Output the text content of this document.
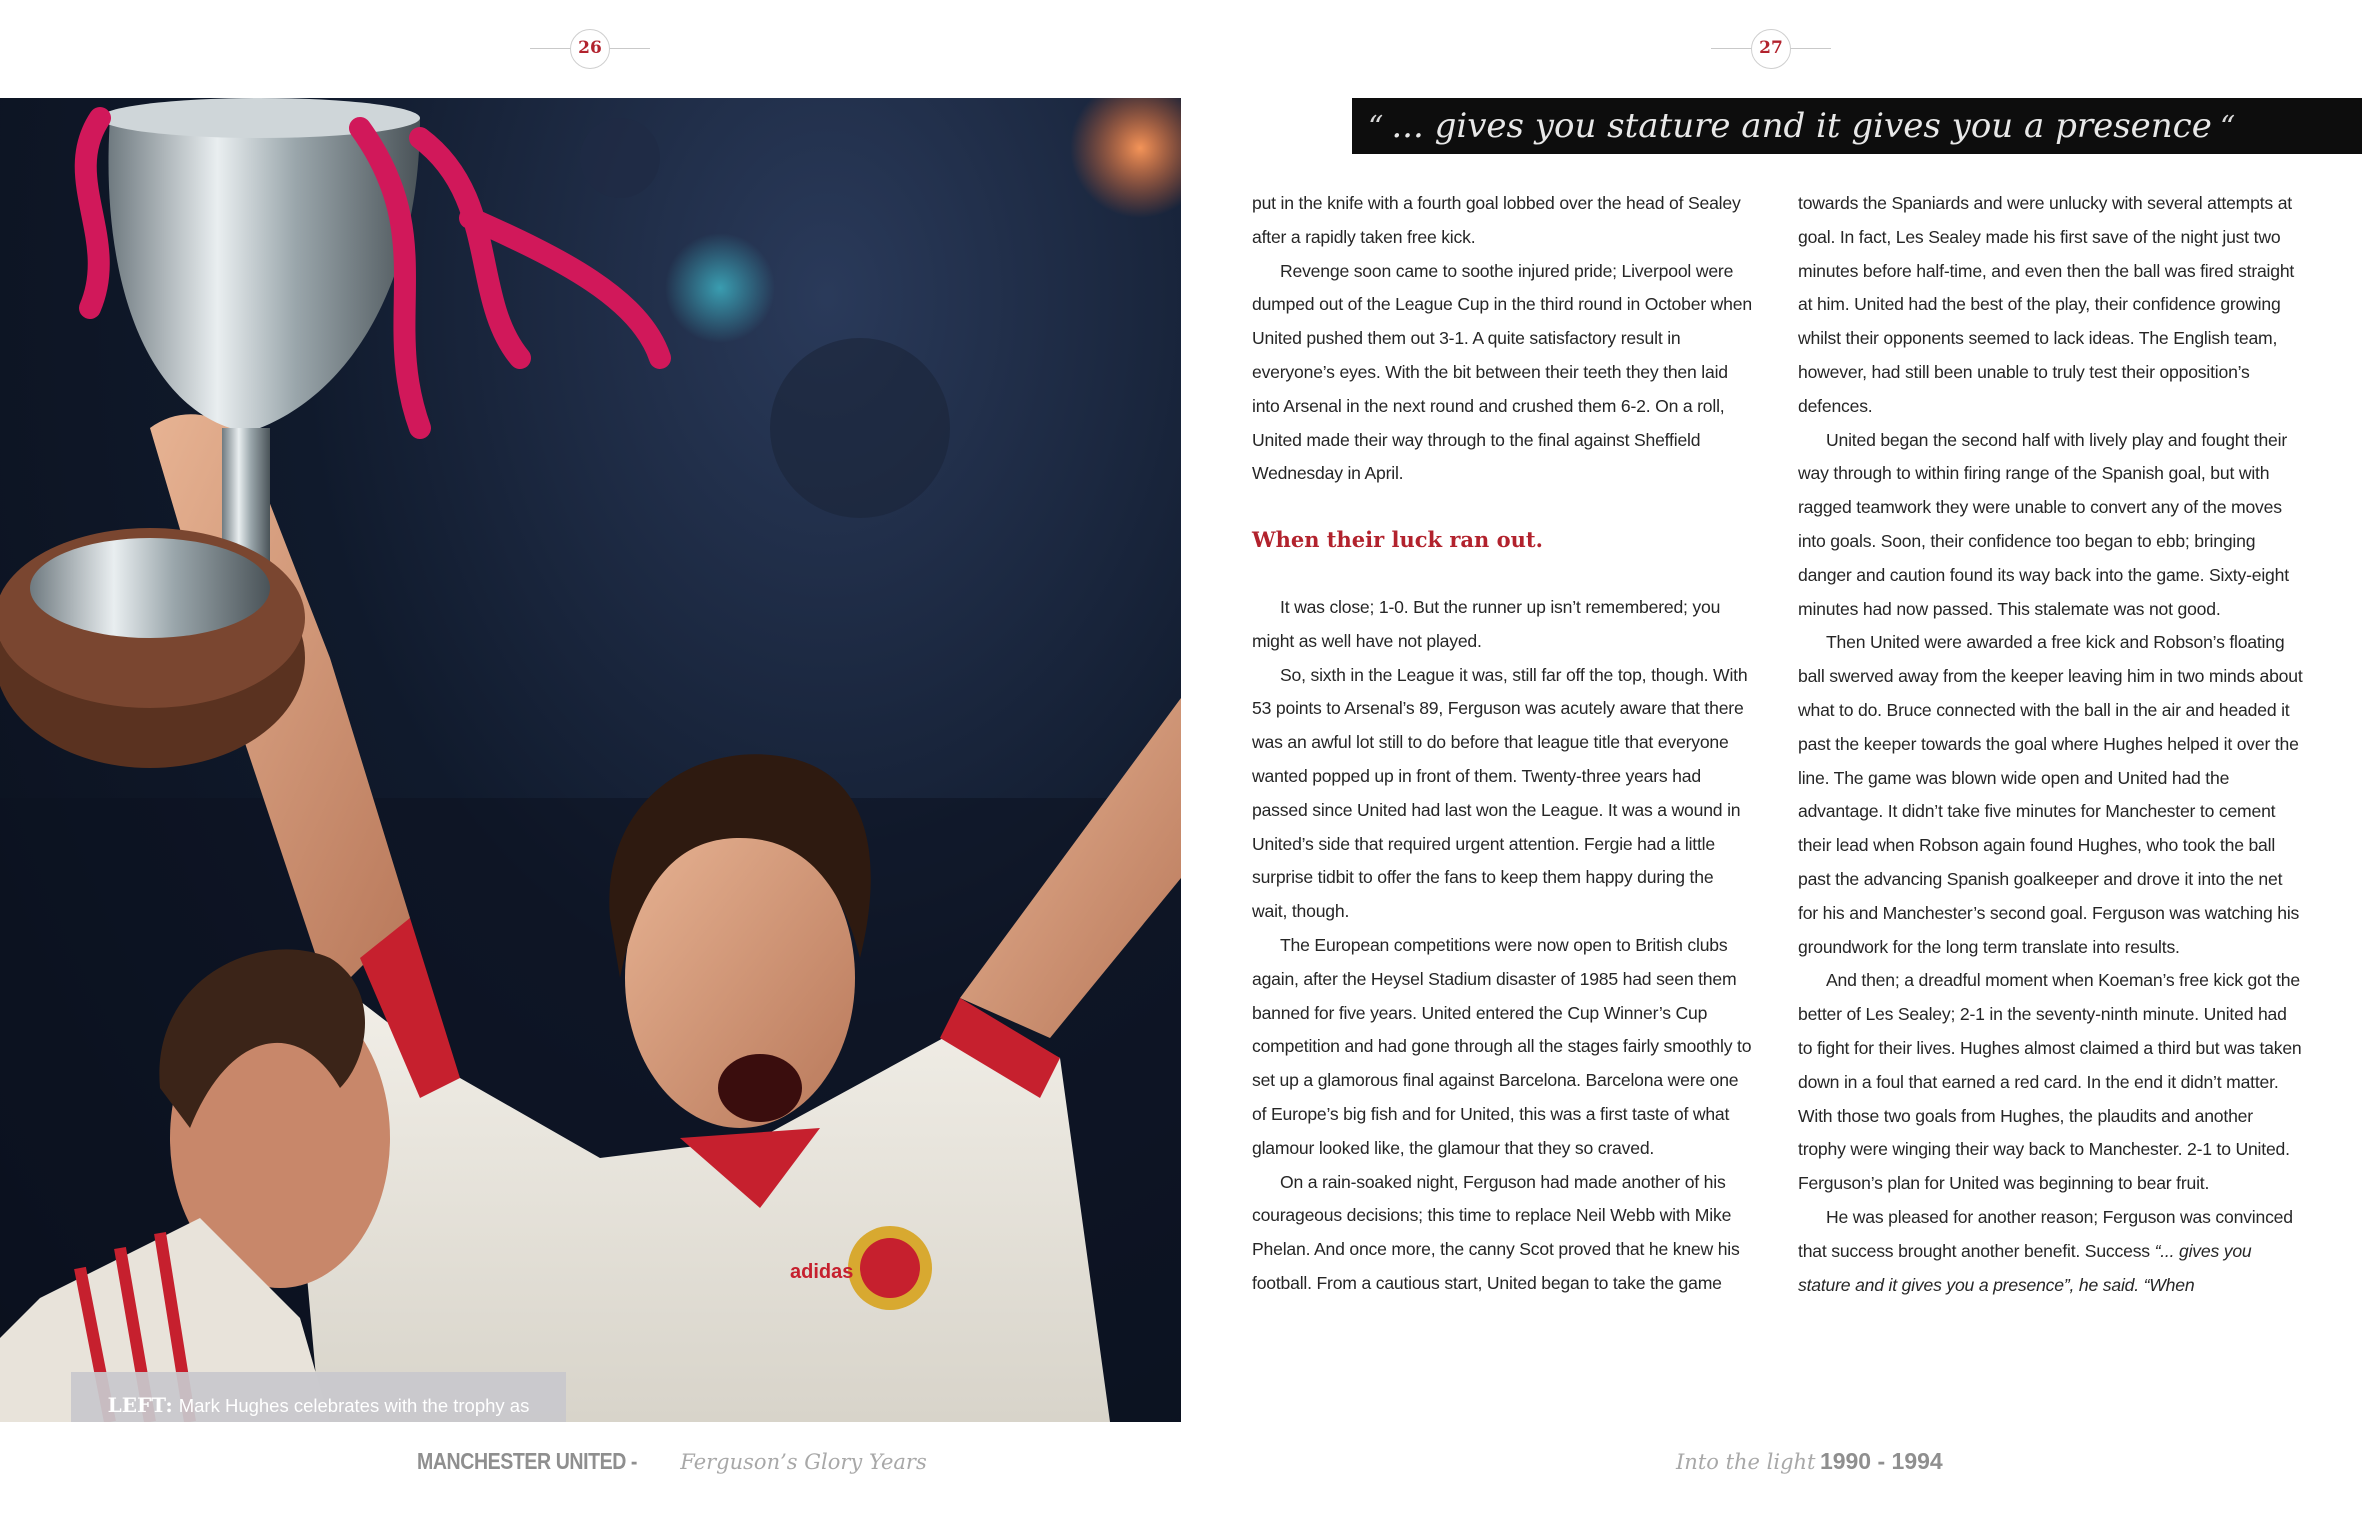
26	27
adidas
LEFT: Mark Hughes celebrates with the trophy as
“ ... gives you stature and it gives you a presence “

put in the knife with a fourth goal lobbed over the head of Sealey after a rapidly taken free kick.

Revenge soon came to soothe injured pride; Liverpool were dumped out of the League Cup in the third round in October when United pushed them out 3-1. A quite satisfactory result in everyone’s eyes. With the bit between their teeth they then laid into Arsenal in the next round and crushed them 6-2. On a roll, United made their way through to the final against Sheffield Wednesday in April.

When their luck ran out.

It was close; 1-0. But the runner up isn’t remembered; you might as well have not played.

So, sixth in the League it was, still far off the top, though. With 53 points to Arsenal’s 89, Ferguson was acutely aware that there was an awful lot still to do before that league title that everyone wanted popped up in front of them. Twenty-three years had passed since United had last won the League. It was a wound in United’s side that required urgent attention. Fergie had a little surprise tidbit to offer the fans to keep them happy during the wait, though.

The European competitions were now open to British clubs again, after the Heysel Stadium disaster of 1985 had seen them banned for five years. United entered the Cup Winner’s Cup competition and had gone through all the stages fairly smoothly to set up a glamorous final against Barcelona. Barcelona were one of Europe’s big fish and for United, this was a first taste of what glamour looked like, the glamour that they so craved.

On a rain-soaked night, Ferguson had made another of his courageous decisions; this time to replace Neil Webb with Mike Phelan. And once more, the canny Scot proved that he knew his football. From a cautious start, United began to take the game

towards the Spaniards and were unlucky with several attempts at goal. In fact, Les Sealey made his first save of the night just two minutes before half-time, and even then the ball was fired straight at him. United had the best of the play, their confidence growing whilst their opponents seemed to lack ideas. The English team, however, had still been unable to truly test their opposition’s defences.

United began the second half with lively play and fought their way through to within firing range of the Spanish goal, but with ragged teamwork they were unable to convert any of the moves into goals. Soon, their confidence too began to ebb; bringing danger and caution found its way back into the game. Sixty-eight minutes had now passed. This stalemate was not good.

Then United were awarded a free kick and Robson’s floating ball swerved away from the keeper leaving him in two minds about what to do. Bruce connected with the ball in the air and headed it past the keeper towards the goal where Hughes helped it over the line. The game was blown wide open and United had the advantage. It didn’t take five minutes for Manchester to cement their lead when Robson again found Hughes, who took the ball past the advancing Spanish goalkeeper and drove it into the net for his and Manchester’s second goal. Ferguson was watching his groundwork for the long term translate into results.

And then; a dreadful moment when Koeman’s free kick got the better of Les Sealey; 2-1 in the seventy-ninth minute. United had to fight for their lives. Hughes almost claimed a third but was taken down in a foul that earned a red card. In the end it didn’t matter. With those two goals from Hughes, the plaudits and another trophy were winging their way back to Manchester. 2-1 to United. Ferguson’s plan for United was beginning to bear fruit.

He was pleased for another reason; Ferguson was convinced that success brought another benefit. Success “... gives you stature and it gives you a presence”, he said. “When

MANCHESTER UNITED - Ferguson’s Glory Years	Into the light 1990 - 1994
